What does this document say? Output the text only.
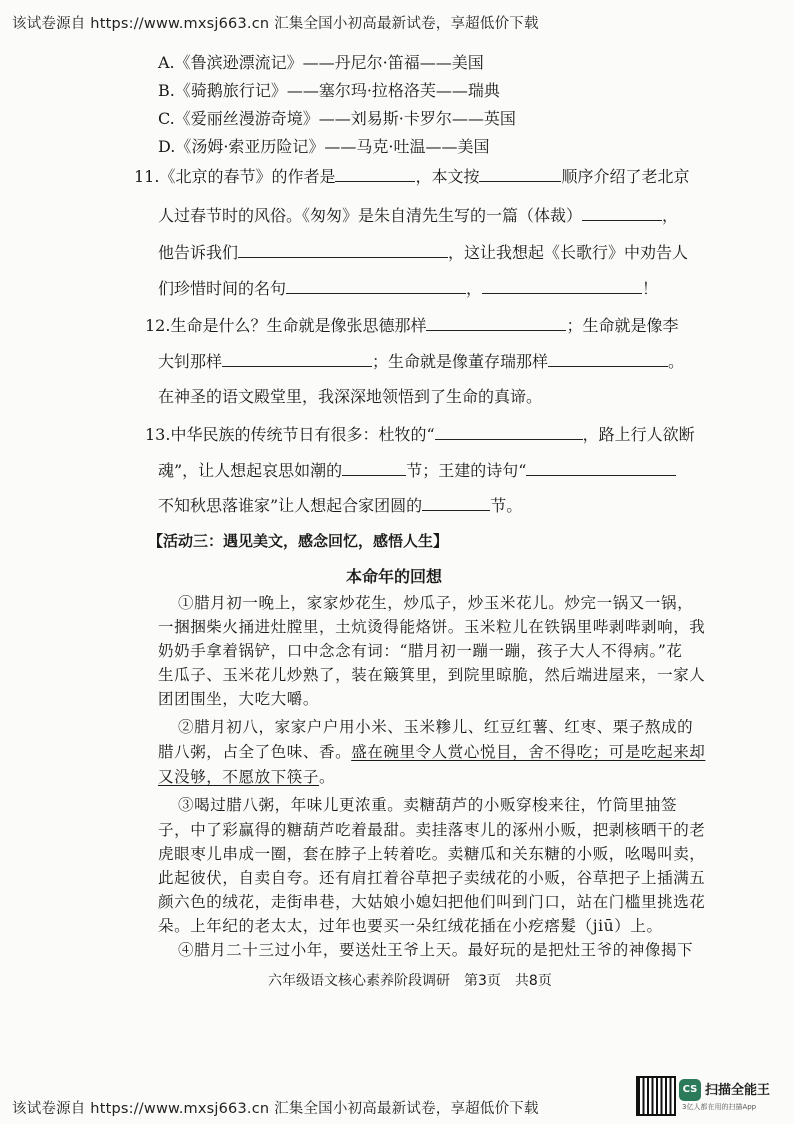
该试卷源自 https://www.mxsj663.cn 汇集全国小初高最新试卷，享超低价下载
A.《鲁滨逊漂流记》——丹尼尔·笛福——美国
B.《骑鹅旅行记》——塞尔玛·拉格洛芙——瑞典
C.《爱丽丝漫游奇境》——刘易斯·卡罗尔——英国
D.《汤姆·索亚历险记》——马克·吐温——美国
11.《北京的春节》的作者是	，本文按	顺序介绍了老北京
人过春节时的风俗。《匆匆》是朱自清先生写的一篇（体裁）	，
他告诉我们	，这让我想起《长歌行》中劝告人
们珍惜时间的名句	，	！
12.生命是什么？生命就是像张思德那样	；生命就是像李
大钊那样	；生命就是像董存瑞那样	。
在神圣的语文殿堂里，我深深地领悟到了生命的真谛。
13.中华民族的传统节日有很多：杜牧的“	，路上行人欲断
魂”，让人想起哀思如潮的	节；王建的诗句“
不知秋思落谁家”让人想起合家团圆的	节。
【活动三：遇见美文，感念回忆，感悟人生】
本命年的回想
①腊月初一晚上，家家炒花生，炒瓜子，炒玉米花儿。炒完一锅又一锅，
一捆捆柴火捅进灶膛里，土炕烫得能烙饼。玉米粒儿在铁锅里哔剥哔剥响，我
奶奶手拿着锅铲，口中念念有词：“腊月初一蹦一蹦，孩子大人不得病。”花
生瓜子、玉米花儿炒熟了，装在簸箕里，到院里晾脆，然后端进屋来，一家人
团团围坐，大吃大嚼。
②腊月初八，家家户户用小米、玉米糁儿、红豆红薯、红枣、栗子熬成的
腊八粥，占全了色味、香。盛在碗里令人赏心悦目，舍不得吃；可是吃起来却
又没够，不愿放下筷子。
③喝过腊八粥，年味儿更浓重。卖糖葫芦的小贩穿梭来往，竹筒里抽签
子，中了彩赢得的糖葫芦吃着最甜。卖挂落枣儿的涿州小贩，把剥核晒干的老
虎眼枣儿串成一圈，套在脖子上转着吃。卖糖瓜和关东糖的小贩，吆喝叫卖，
此起彼伏，自卖自夸。还有肩扛着谷草把子卖绒花的小贩，谷草把子上插满五
颜六色的绒花，走街串巷，大姑娘小媳妇把他们叫到门口，站在门槛里挑选花
朵。上年纪的老太太，过年也要买一朵红绒花插在小疙瘩髮（jiū）上。
④腊月二十三过小年，要送灶王爷上天。最好玩的是把灶王爷的神像揭下
六年级语文核心素养阶段调研　第3页　共8页
该试卷源自 https://www.mxsj663.cn 汇集全国小初高最新试卷，享超低价下载
CS 扫描全能王
3亿人都在用的扫描App
